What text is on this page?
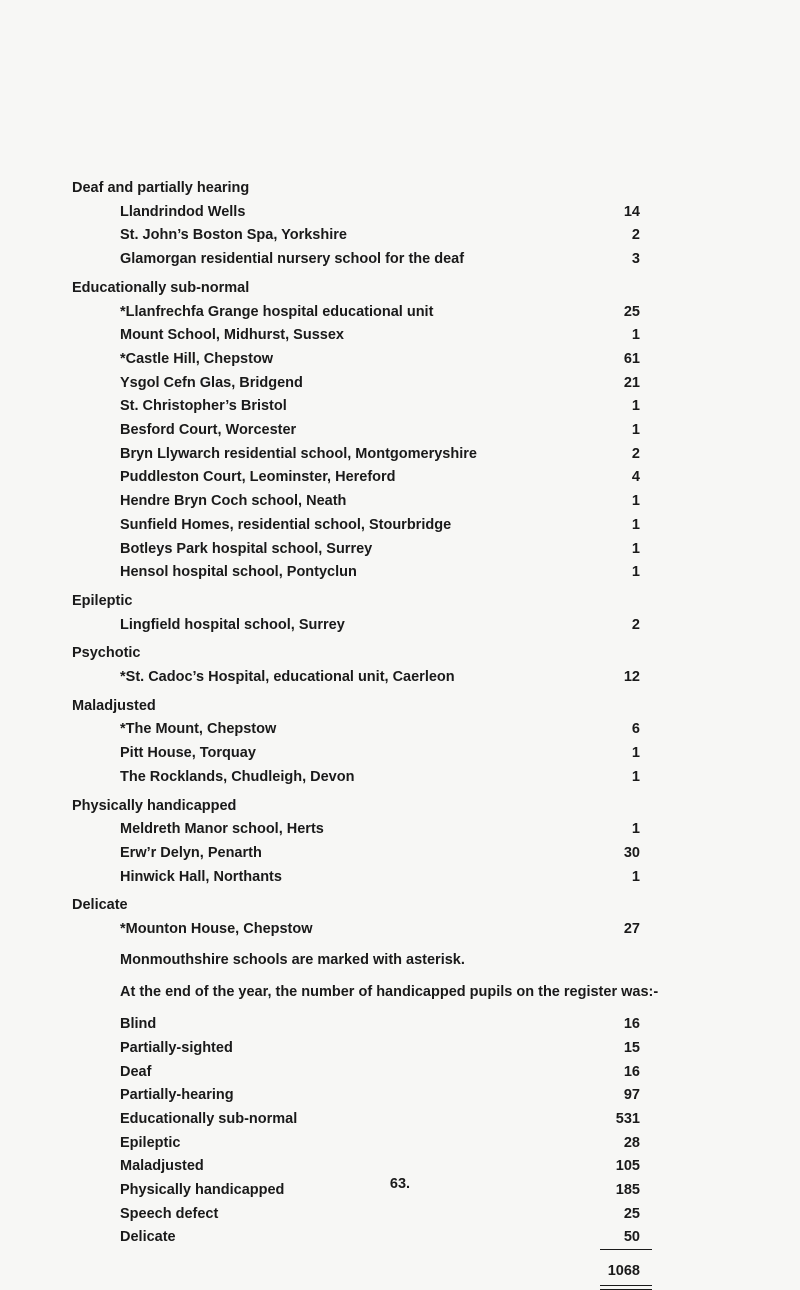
Deaf and partially hearing
Llandrindod Wells	14
St. John’s Boston Spa, Yorkshire	2
Glamorgan residential nursery school for the deaf	3
Educationally sub-normal
*Llanfrechfa Grange hospital educational unit	25
Mount School, Midhurst, Sussex	1
*Castle Hill, Chepstow	61
Ysgol Cefn Glas, Bridgend	21
St. Christopher’s Bristol	1
Besford Court, Worcester	1
Bryn Llywarch residential school, Montgomeryshire	2
Puddleston Court, Leominster, Hereford	4
Hendre Bryn Coch school, Neath	1
Sunfield Homes, residential school, Stourbridge	1
Botleys Park hospital school, Surrey	1
Hensol hospital school, Pontyclun	1
Epileptic
Lingfield hospital school, Surrey	2
Psychotic
*St. Cadoc’s Hospital, educational unit, Caerleon	12
Maladjusted
*The Mount, Chepstow	6
Pitt House, Torquay	1
The Rocklands, Chudleigh, Devon	1
Physically handicapped
Meldreth Manor school, Herts	1
Erw’r Delyn, Penarth	30
Hinwick Hall, Northants	1
Delicate
*Mounton House, Chepstow	27
Monmouthshire schools are marked with asterisk.
At the end of the year, the number of handicapped pupils on the register was:-
Blind	16
Partially-sighted	15
Deaf	16
Partially-hearing	97
Educationally sub-normal	531
Epileptic	28
Maladjusted	105
Physically handicapped	185
Speech defect	25
Delicate	50
1068
63.
